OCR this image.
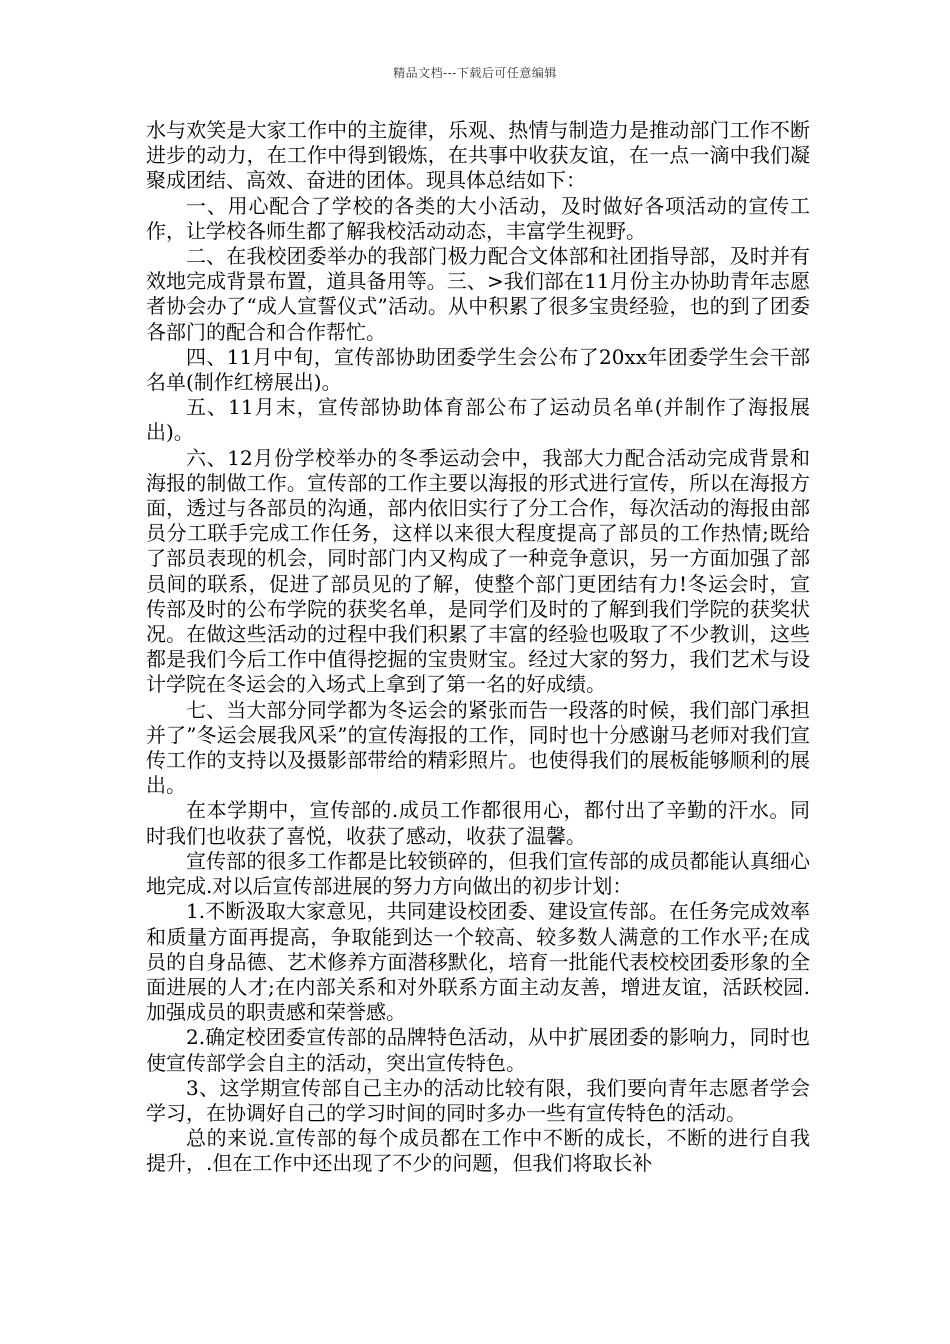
精品文档---下载后可任意编辑

水与欢笑是大家工作中的主旋律，乐观、热情与制造力是推动部门工作不断进步的动力，在工作中得到锻炼，在共事中收获友谊，在一点一滴中我们凝聚成团结、高效、奋进的团体。现具体总结如下：

一、用心配合了学校的各类的大小活动，及时做好各项活动的宣传工作，让学校各师生都了解我校活动动态，丰富学生视野。

二、在我校团委举办的我部门极力配合文体部和社团指导部，及时并有效地完成背景布置，道具备用等。三、>我们部在11月份主办协助青年志愿者协会办了“成人宣誓仪式”活动。从中积累了很多宝贵经验，也的到了团委各部门的配合和合作帮忙。

四、11月中旬，宣传部协助团委学生会公布了20xx年团委学生会干部名单(制作红榜展出)。

五、11月末，宣传部协助体育部公布了运动员名单(并制作了海报展出)。

六、12月份学校举办的冬季运动会中，我部大力配合活动完成背景和海报的制做工作。宣传部的工作主要以海报的形式进行宣传，所以在海报方面，透过与各部员的沟通，部内依旧实行了分工合作，每次活动的海报由部员分工联手完成工作任务，这样以来很大程度提高了部员的工作热情;既给了部员表现的机会，同时部门内又构成了一种竞争意识，另一方面加强了部员间的联系，促进了部员见的了解，使整个部门更团结有力!冬运会时，宣传部及时的公布学院的获奖名单，是同学们及时的了解到我们学院的获奖状况。在做这些活动的过程中我们积累了丰富的经验也吸取了不少教训，这些都是我们今后工作中值得挖掘的宝贵财宝。经过大家的努力，我们艺术与设计学院在冬运会的入场式上拿到了第一名的好成绩。

七、当大部分同学都为冬运会的紧张而告一段落的时候，我们部门承担并了”冬运会展我风采”的宣传海报的工作，同时也十分感谢马老师对我们宣传工作的支持以及摄影部带给的精彩照片。也使得我们的展板能够顺利的展出。

在本学期中，宣传部的.成员工作都很用心，都付出了辛勤的汗水。同时我们也收获了喜悦，收获了感动，收获了温馨。

宣传部的很多工作都是比较锁碎的，但我们宣传部的成员都能认真细心地完成.对以后宣传部进展的努力方向做出的初步计划：

1.不断汲取大家意见，共同建设校团委、建设宣传部。在任务完成效率和质量方面再提高，争取能到达一个较高、较多数人满意的工作水平;在成员的自身品德、艺术修养方面潜移默化，培育一批能代表校校团委形象的全面进展的人才;在内部关系和对外联系方面主动友善，增进友谊，活跃校园.加强成员的职责感和荣誉感。

2.确定校团委宣传部的品牌特色活动，从中扩展团委的影响力，同时也使宣传部学会自主的活动，突出宣传特色。

3、这学期宣传部自己主办的活动比较有限，我们要向青年志愿者学会学习，在协调好自己的学习时间的同时多办一些有宣传特色的活动。

总的来说.宣传部的每个成员都在工作中不断的成长，不断的进行自我提升，.但在工作中还出现了不少的问题，但我们将取长补
